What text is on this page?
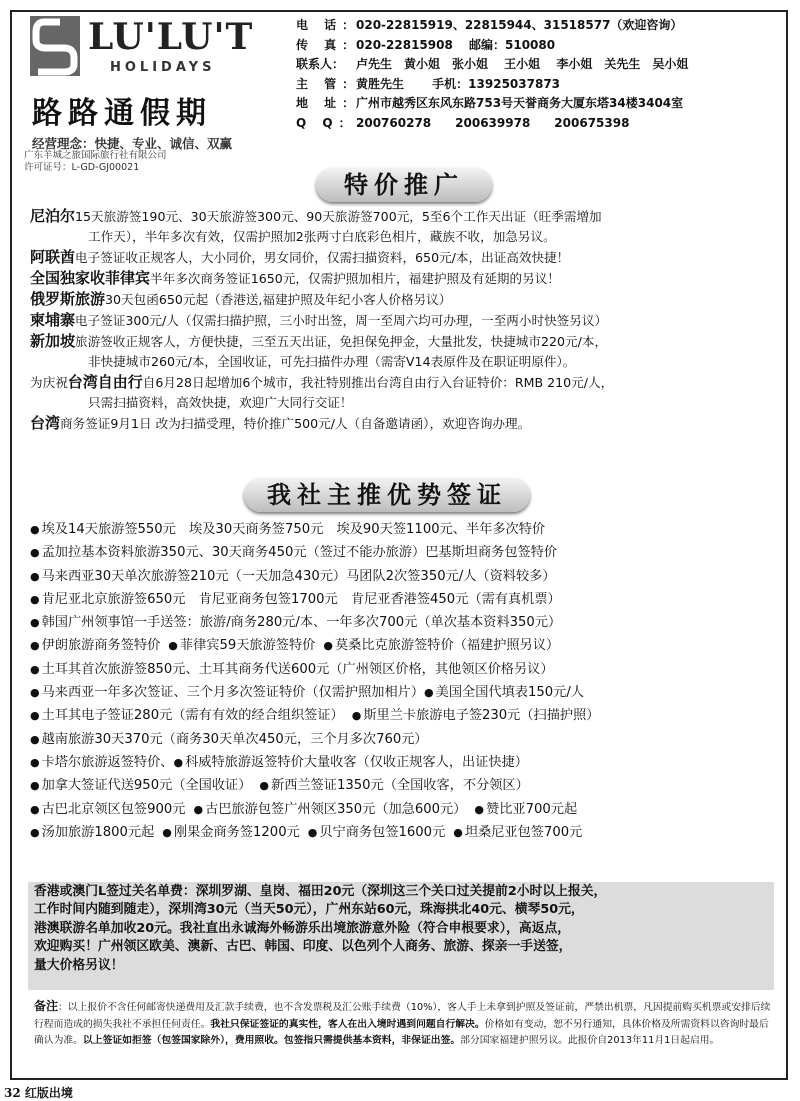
LU'LU'T
HOLIDAYS
路路通假期
经营理念：快捷、专业、诚信、双赢
广东羊城之旅国际旅行社有限公司
许可证号：L-GD-GJ00021
电 话：020-22815919、22815944、31518577（欢迎咨询）
传 真：020-22815908　 邮编：510080
联系人： 卢先生　黄小姐　张小姐　 王小姐　 李小姐　关先生　吴小姐
主 管：黄胜先生　　 手机：13925037873
地 址：广州市越秀区东风东路753号天誉商务大厦东塔34楼3404室
Q Q：200760278　　200639978　　200675398
特价推广

尼泊尔15天旅游签190元、30天旅游签300元、90天旅游签700元，5至6个工作天出证（旺季需增加

工作天），半年多次有效，仅需护照加2张两寸白底彩色相片，藏族不收，加急另议。

阿联酋电子签证收正规客人，大小同价，男女同价，仅需扫描资料，650元/本，出证高效快捷！

全国独家收菲律宾半年多次商务签证1650元，仅需护照加相片，福建护照及有延期的另议！

俄罗斯旅游30天包函650元起（香港送,福建护照及年纪小客人价格另议）

柬埔寨电子签证300元/人（仅需扫描护照，三小时出签，周一至周六均可办理，一至两小时快签另议）

新加坡旅游签收正规客人，方便快捷，三至五天出证，免担保免押金，大量批发，快捷城市220元/本，

非快捷城市260元/本，全国收证，可先扫描件办理（需寄V14表原件及在职证明原件）。

为庆祝台湾自由行自6月28日起增加6个城市，我社特别推出台湾自由行入台证特价：RMB 210元/人，

只需扫描资料，高效快捷，欢迎广大同行交证！

台湾商务签证9月1日 改为扫描受理，特价推广500元/人（自备邀请函），欢迎咨询办理。

我社主推优势签证

● 埃及14天旅游签550元　埃及30天商务签750元　埃及90天签1100元、半年多次特价

● 孟加拉基本资料旅游350元、30天商务450元（签过不能办旅游）巴基斯坦商务包签特价

● 马来西亚30天单次旅游签210元（一天加急430元）马团队2次签350元/人（资料较多）

● 肯尼亚北京旅游签650元　肯尼亚商务包签1700元　肯尼亚香港签450元（需有真机票）

● 韩国广州领事馆一手送签：旅游/商务280元/本、一年多次700元（单次基本资料350元）

● 伊朗旅游商务签特价 ● 菲律宾59天旅游签特价 ● 莫桑比克旅游签特价（福建护照另议）

● 土耳其首次旅游签850元、土耳其商务代送600元（广州领区价格，其他领区价格另议）

● 马来西亚一年多次签证、三个月多次签证特价（仅需护照加相片）● 美国全国代填表150元/人

● 土耳其电子签证280元（需有有效的经合组织签证） ● 斯里兰卡旅游电子签230元（扫描护照）

● 越南旅游30天370元（商务30天单次450元，三个月多次760元）

● 卡塔尔旅游返签特价、● 科威特旅游返签特价大量收客（仅收正规客人，出证快捷）

● 加拿大签证代送950元（全国收证） ● 新西兰签证1350元（全国收客，不分领区）

● 古巴北京领区包签900元 ● 古巴旅游包签广州领区350元（加急600元） ● 赞比亚700元起

● 汤加旅游1800元起 ● 刚果金商务签1200元 ● 贝宁商务包签1600元 ● 坦桑尼亚包签700元

香港或澳门L签过关名单费：深圳罗湖、皇岗、福田20元（深圳这三个关口过关提前2小时以上报关，

工作时间内随到随走），深圳湾30元（当天50元），广州东站60元，珠海拱北40元、横琴50元，

港澳联游名单加收20元。我社直出永诚海外畅游乐出境旅游意外险（符合申根要求），高返点，

欢迎购买！广州领区欧美、澳新、古巴、韩国、印度、以色列个人商务、旅游、探亲一手送签，

量大价格另议！

备注：以上报价不含任何邮寄快递费用及汇款手续费，也不含发票税及汇公账手续费（10%），客人手上未拿到护照及签证前，严禁出机票，凡因提前购买机票或安排后续行程而造成的损失我社不承担任何责任。我社只保证签证的真实性，客人在出入境时遇到问题自行解决。价格如有变动，恕不另行通知，具体价格及所需资料以咨询时最后确认为准。以上签证如拒签（包签国家除外），费用照收。包签指只需提供基本资料，非保证出签。部分国家福建护照另议。此报价自2013年11月1日起启用。
32 红版出境
